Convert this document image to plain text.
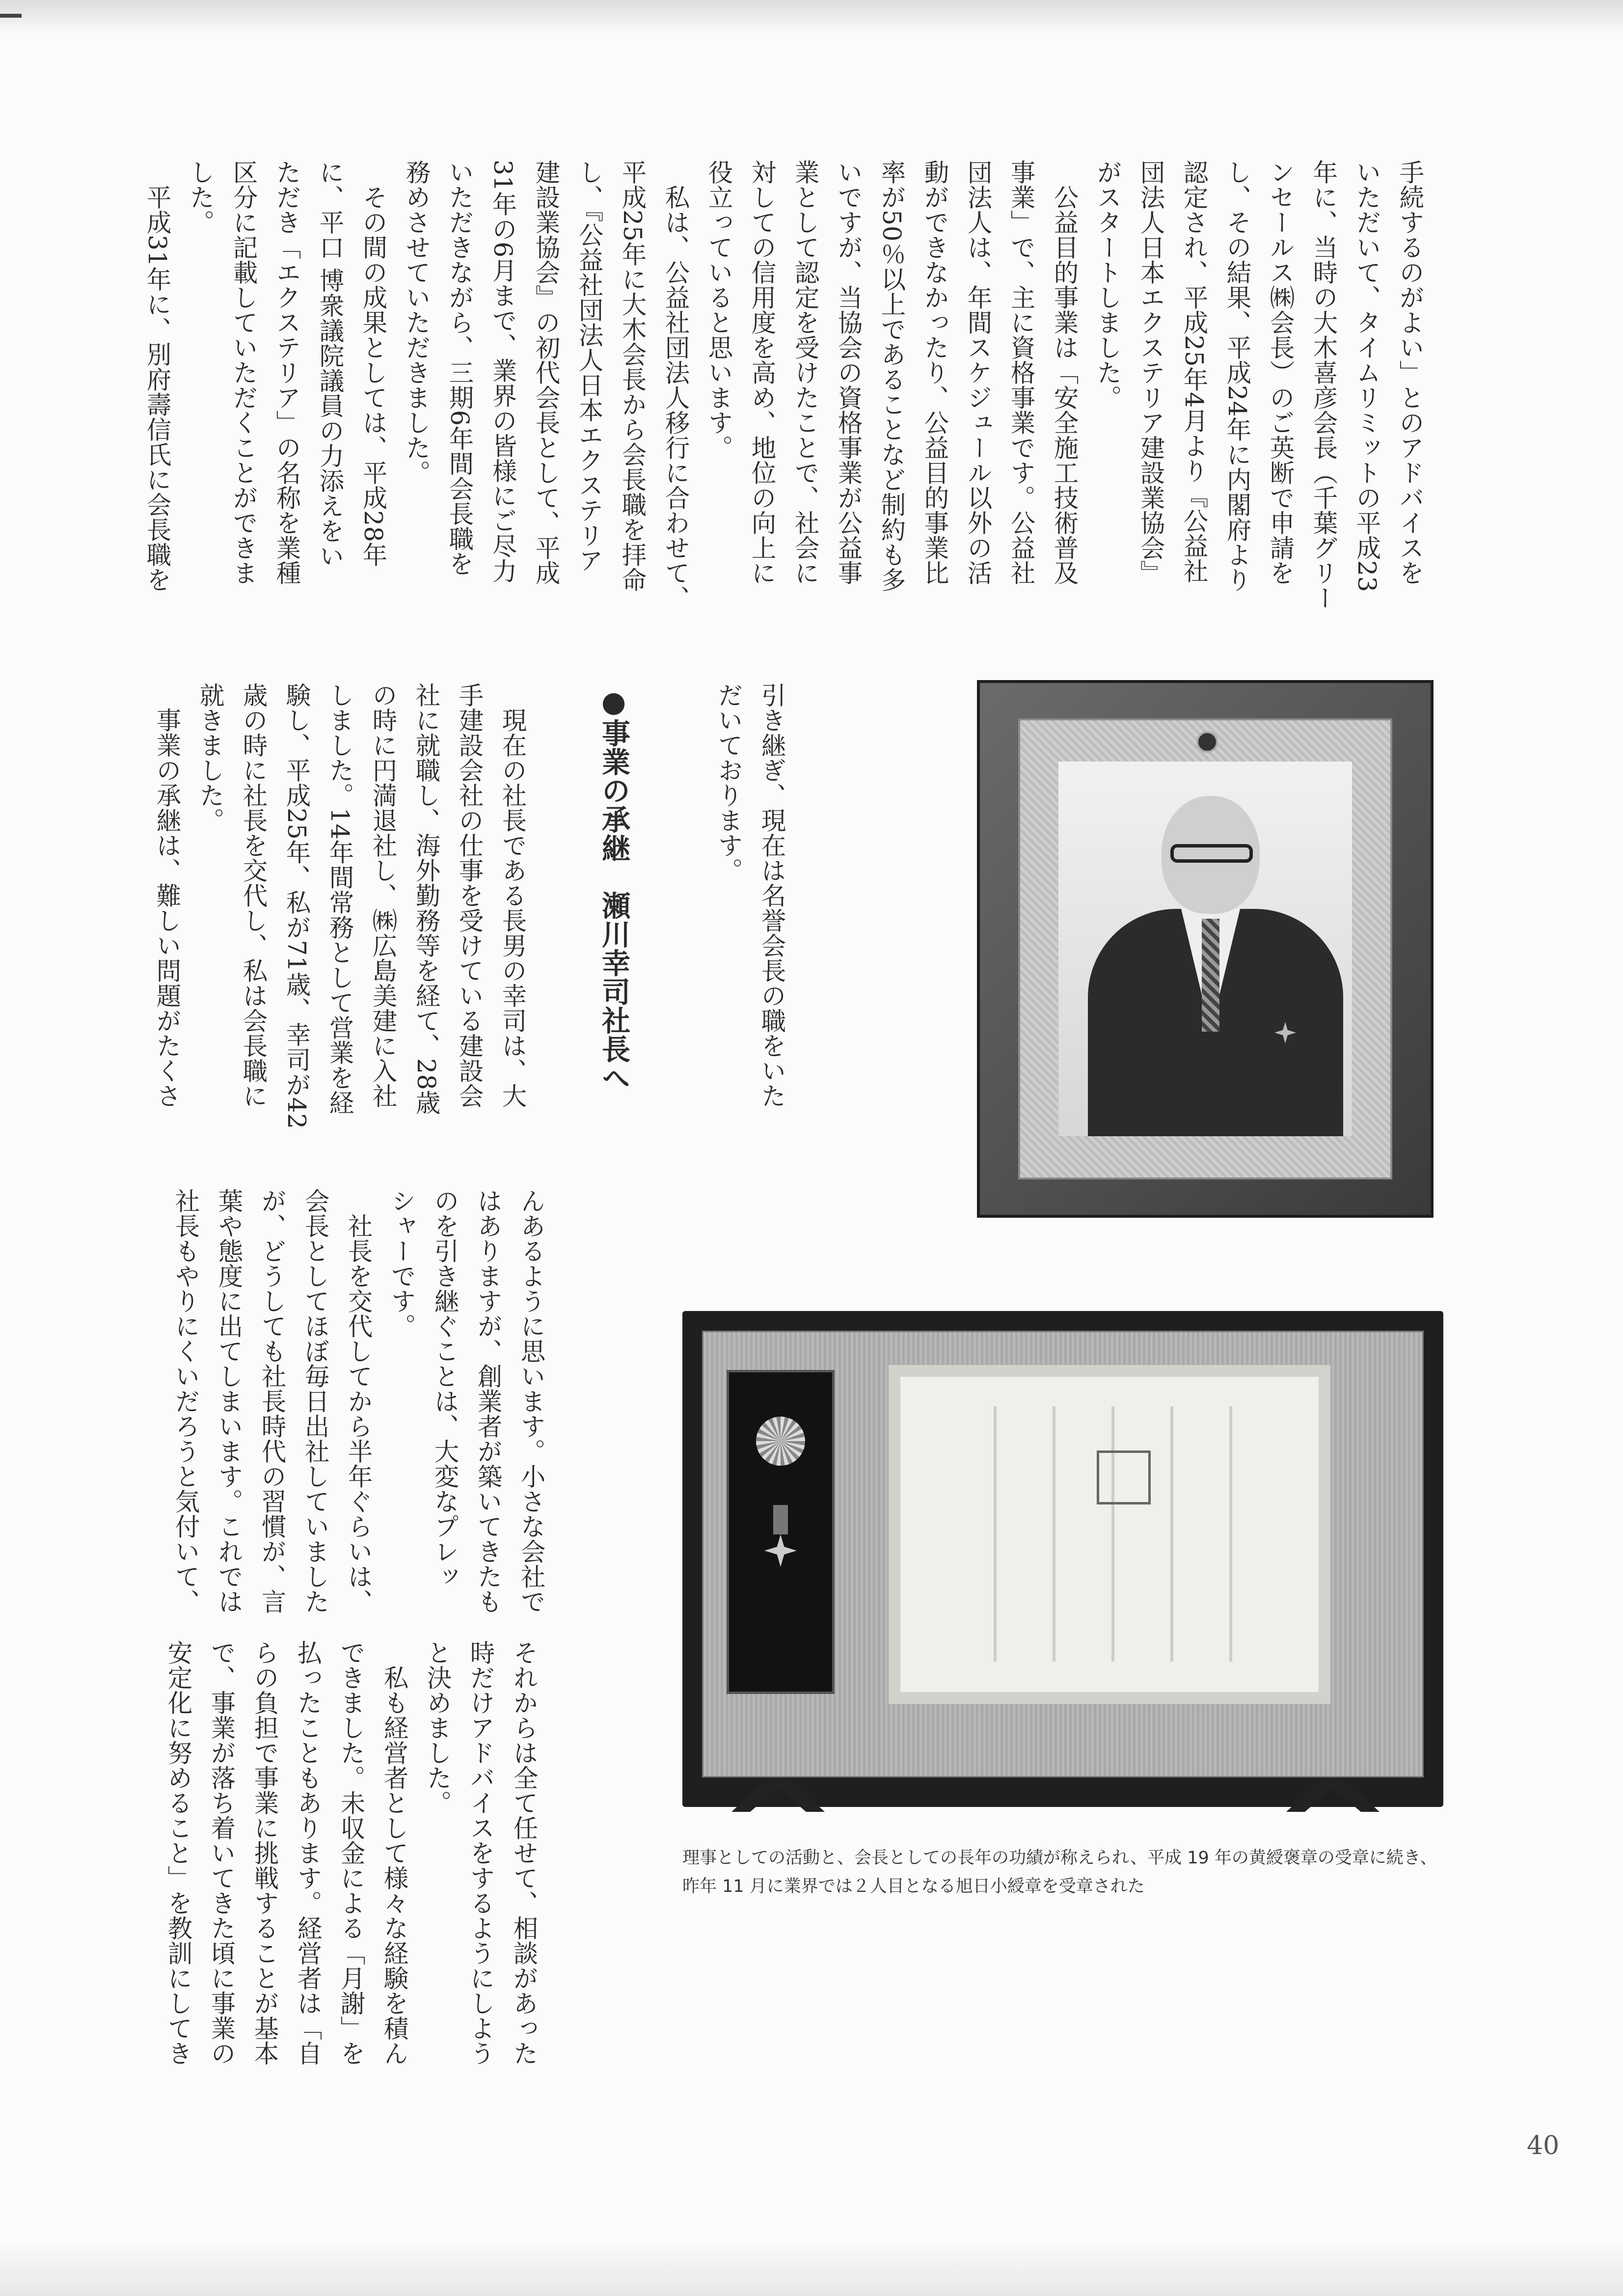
手続するのがよい」とのアドバイスを
いただいて、タイムリミットの平成23
年に、当時の大木喜彦会長（千葉グリー
ンセールス㈱会長）のご英断で申請を
し、その結果、平成24年に内閣府より
認定され、平成25年4月より『公益社
団法人日本エクステリア建設業協会』
がスタートしました。
　公益目的事業は「安全施工技術普及
事業」で、主に資格事業です。公益社
団法人は、年間スケジュール以外の活
動ができなかったり、公益目的事業比
率が50％以上であることなど制約も多
いですが、当協会の資格事業が公益事
業として認定を受けたことで、社会に
対しての信用度を高め、地位の向上に
役立っていると思います。
　私は、公益社団法人移行に合わせて、
平成25年に大木会長から会長職を拝命
し、『公益社団法人日本エクステリア
建設業協会』の初代会長として、平成
31年の6月まで、業界の皆様にご尽力
いただきながら、三期6年間会長職を
務めさせていただきました。
　その間の成果としては、平成28年
に、平口 博衆議院議員の力添えをい
ただき「エクステリア」の名称を業種
区分に記載していただくことができま
した。
　平成31年に、別府壽信氏に会長職を

引き継ぎ、現在は名誉会長の職をいた
だいております。

　現在の社長である長男の幸司は、大
手建設会社の仕事を受けている建設会
社に就職し、海外勤務等を経て、28歳
の時に円満退社し、㈱広島美建に入社
しました。14年間常務として営業を経
験し、平成25年、私が71歳、幸司が42
歳の時に社長を交代し、私は会長職に
就きました。
　事業の承継は、難しい問題がたくさ	●事業の承継　瀬川幸司社長へ

んあるように思います。小さな会社で
はありますが、創業者が築いてきたも
のを引き継ぐことは、大変なプレッ
シャーです。
　社長を交代してから半年ぐらいは、
会長としてほぼ毎日出社していました
が、どうしても社長時代の習慣が、言
葉や態度に出てしまいます。これでは
社長もやりにくいだろうと気付いて、

それからは全て任せて、相談があった
時だけアドバイスをするようにしよう
と決めました。
　私も経営者として様々な経験を積ん
できました。未収金による「月謝」を
払ったこともあります。経営者は「自
らの負担で事業に挑戦することが基本
で、事業が落ち着いてきた頃に事業の
安定化に努めること」を教訓にしてき	理事としての活動と、会長としての長年の功績が称えられ、平成 19 年の黄綬褒章の受章に続き、昨年 11 月に業界では２人目となる旭日小綬章を受章された

40
